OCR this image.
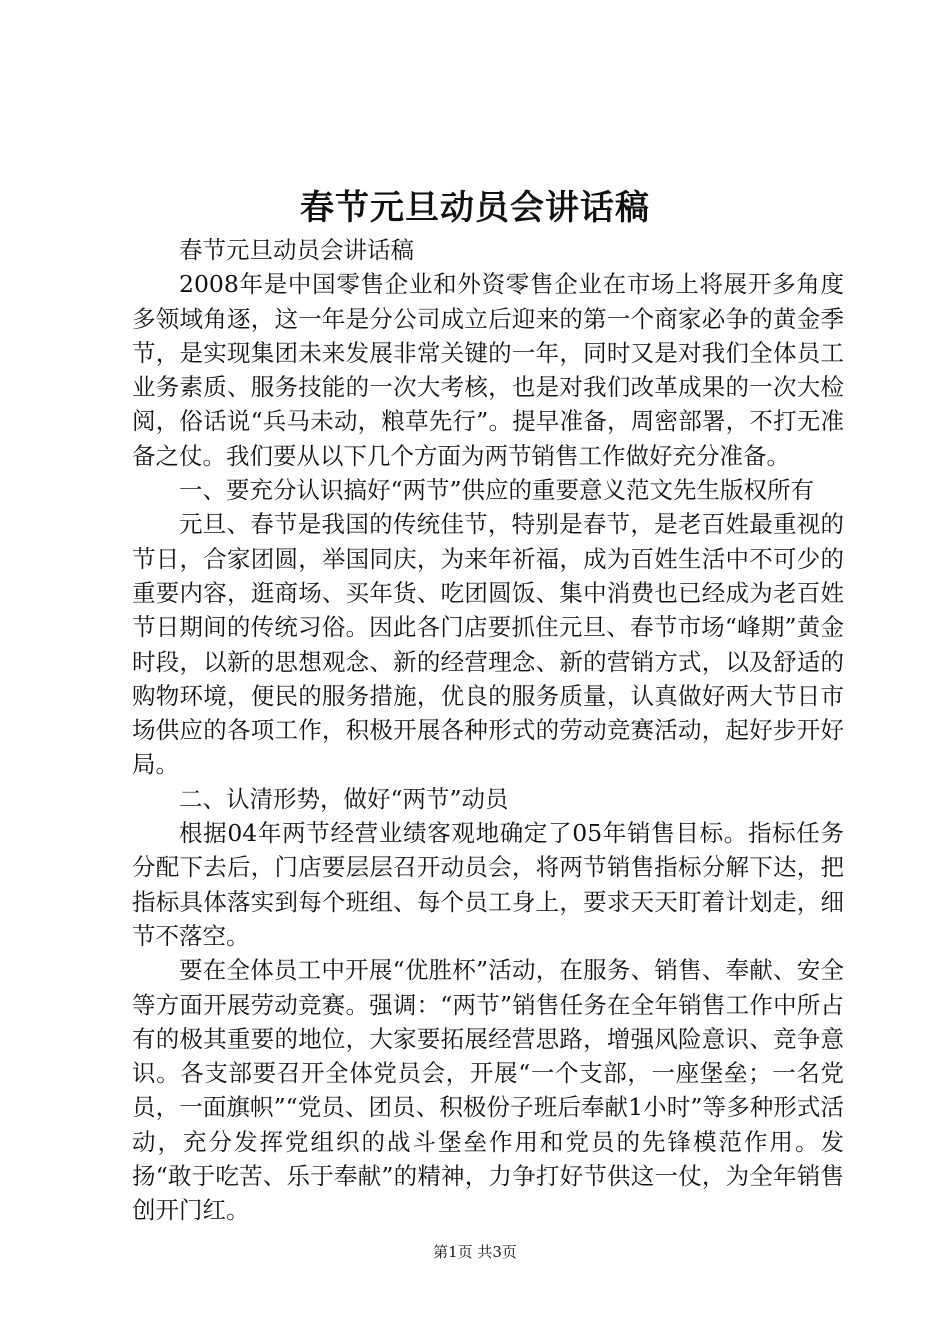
春节元旦动员会讲话稿

春节元旦动员会讲话稿

2008年是中国零售企业和外资零售企业在市场上将展开多角度多领域角逐，这一年是分公司成立后迎来的第一个商家必争的黄金季节，是实现集团未来发展非常关键的一年，同时又是对我们全体员工业务素质、服务技能的一次大考核，也是对我们改革成果的一次大检阅，俗话说“兵马未动，粮草先行”。提早准备，周密部署，不打无准备之仗。我们要从以下几个方面为两节销售工作做好充分准备。

一、要充分认识搞好“两节”供应的重要意义范文先生版权所有

元旦、春节是我国的传统佳节，特别是春节，是老百姓最重视的节日，合家团圆，举国同庆，为来年祈福，成为百姓生活中不可少的重要内容，逛商场、买年货、吃团圆饭、集中消费也已经成为老百姓节日期间的传统习俗。因此各门店要抓住元旦、春节市场“峰期”黄金时段，以新的思想观念、新的经营理念、新的营销方式，以及舒适的购物环境，便民的服务措施，优良的服务质量，认真做好两大节日市场供应的各项工作，积极开展各种形式的劳动竞赛活动，起好步开好局。

二、认清形势，做好“两节”动员

根据04年两节经营业绩客观地确定了05年销售目标。指标任务分配下去后，门店要层层召开动员会，将两节销售指标分解下达，把指标具体落实到每个班组、每个员工身上，要求天天盯着计划走，细节不落空。

要在全体员工中开展“优胜杯”活动，在服务、销售、奉献、安全等方面开展劳动竞赛。强调：“两节”销售任务在全年销售工作中所占有的极其重要的地位，大家要拓展经营思路，增强风险意识、竞争意识。各支部要召开全体党员会，开展“一个支部，一座堡垒；一名党员，一面旗帜”“党员、团员、积极份子班后奉献1小时”等多种形式活动，充分发挥党组织的战斗堡垒作用和党员的先锋模范作用。发扬“敢于吃苦、乐于奉献”的精神，力争打好节供这一仗，为全年销售创开门红。

第1页 共3页
